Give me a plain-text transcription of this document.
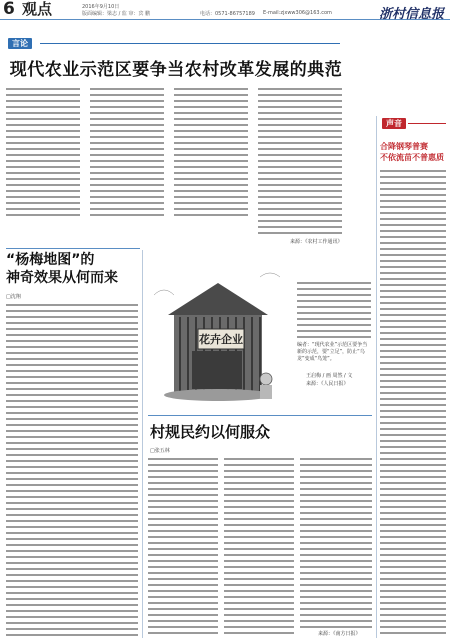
6 观点	2016年9月10日
版面编辑：梁志 / 监 审：宾 鹏	电话：0571-86757189 E-mail:zjxww306@163.com	浙村信息报
言论
现代农业示范区要争当农村改革发展的典范
来源：《农村工作通讯》
“杨梅地图”的
神奇效果从何而来
□沈翔
花卉企业	编者：“现代农业”示范区要争当新的示范，要“立足”，防止“乌龙”变成“鸟笼”。
王启梅 / 画 周然 / 文
来源：《人民日报》
村规民约以何服众
□张五林
来源：《南方日报》
声音
合降钢琴普赛
不依流苗不普惠质
